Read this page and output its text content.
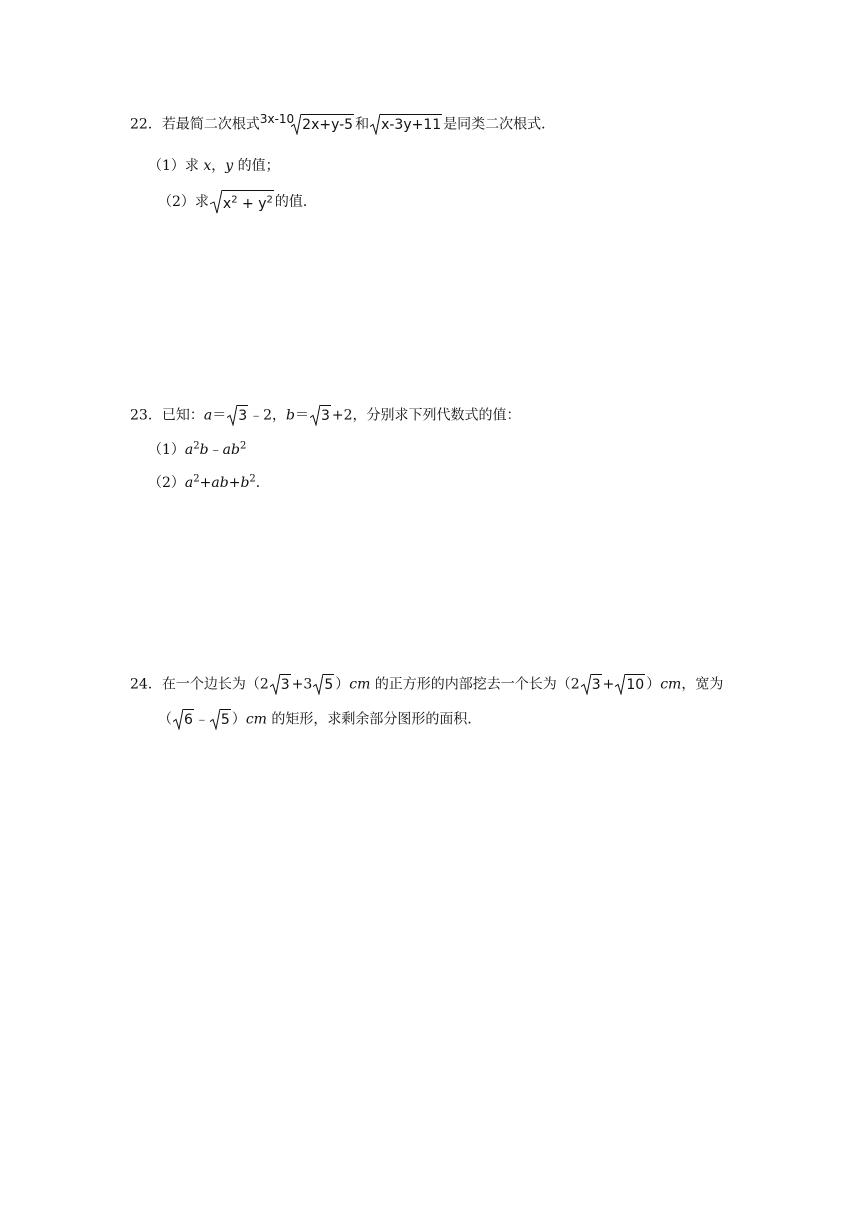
22．若最简二次根式3x-10 2x+y-5 和 x-3y+11 是同类二次根式．
（1）求 x，y 的值；
（2）求 $x^2 + y^2$ 的值．
23．已知：a＝ 3 ﹣2，b＝ 3 +2，分别求下列代数式的值：
$(1)a^2b﹣ab^2$
$(2)a^2+ab+b^2$．
24．在一个边长为（2 3 +3 5 ）cm 的正方形的内部挖去一个长为（2 3 + 10 ）cm，宽为
（ 6 ﹣ 5 ）cm 的矩形，求剩余部分图形的面积．
